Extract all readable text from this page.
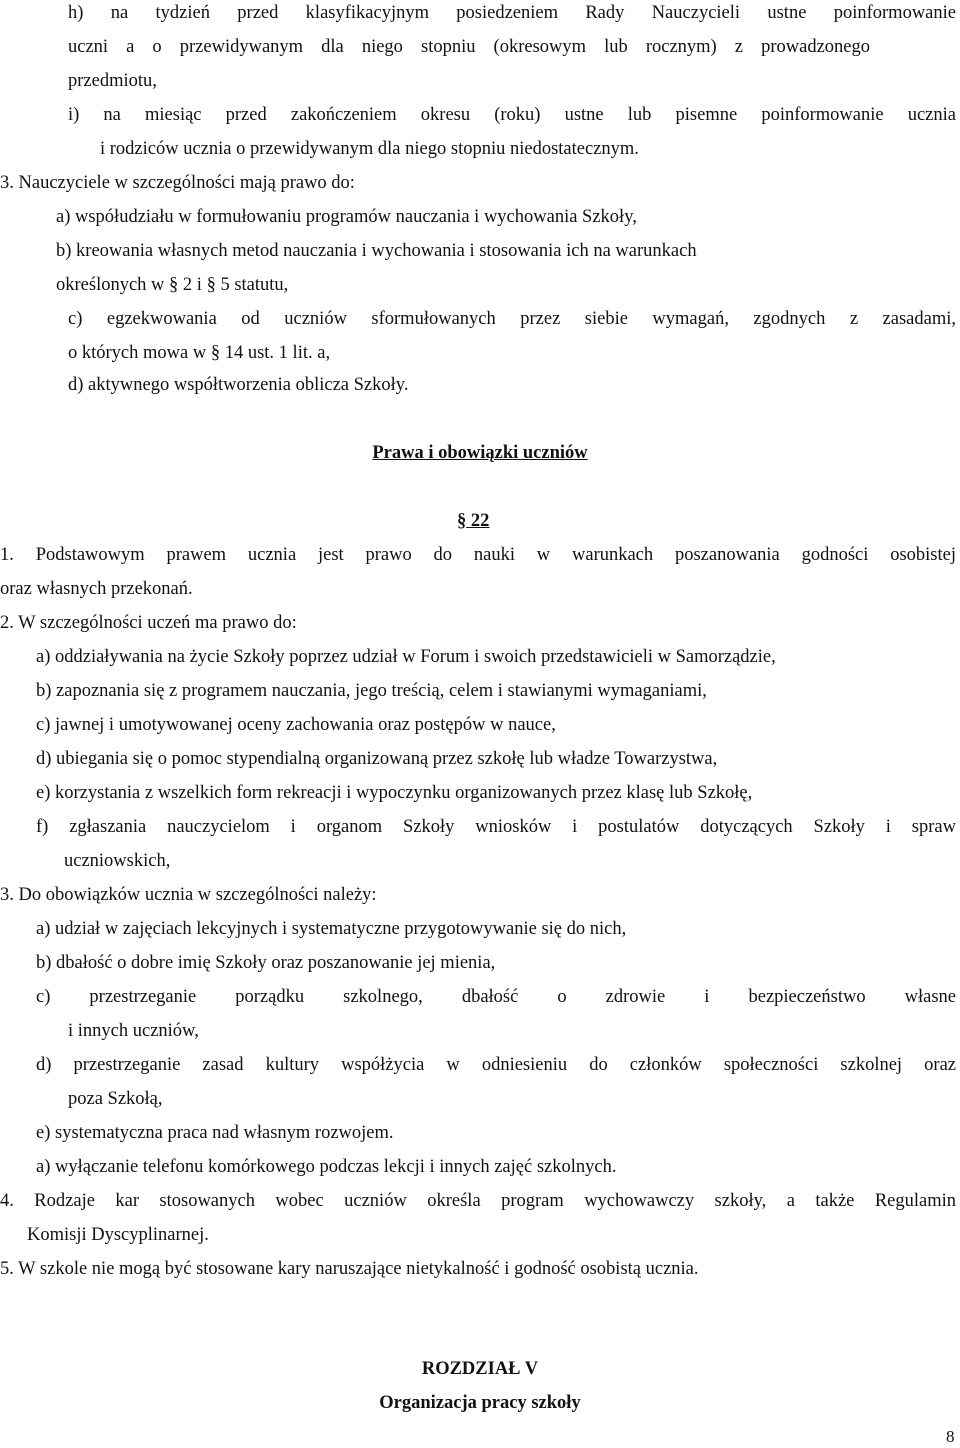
h) na tydzień przed klasyfikacyjnym posiedzeniem Rady Nauczycieli ustne poinformowanie
uczni a o przewidywanym dla niego stopniu (okresowym lub rocznym) z prowadzonego
przedmiotu,
i) na miesiąc przed zakończeniem okresu (roku) ustne lub pisemne poinformowanie ucznia
i rodziców ucznia o przewidywanym dla niego stopniu niedostatecznym.
3. Nauczyciele w szczególności mają prawo do:
a) współudziału w formułowaniu programów nauczania i wychowania Szkoły,
b) kreowania własnych metod nauczania i wychowania i stosowania ich na warunkach
określonych w § 2 i § 5 statutu,
c) egzekwowania od uczniów sformułowanych przez siebie wymagań, zgodnych z zasadami,
o których mowa w § 14 ust. 1 lit. a,
d) aktywnego współtworzenia oblicza Szkoły.
Prawa i obowiązki uczniów
§ 22
1. Podstawowym prawem ucznia jest prawo do nauki w warunkach poszanowania godności osobistej
oraz własnych przekonań.
2. W szczególności uczeń ma prawo do:
a) oddziaływania na życie Szkoły poprzez udział w Forum i swoich przedstawicieli w Samorządzie,
b) zapoznania się z programem nauczania, jego treścią, celem i stawianymi wymaganiami,
c) jawnej i umotywowanej oceny zachowania oraz postępów w nauce,
d) ubiegania się o pomoc stypendialną organizowaną przez szkołę lub władze Towarzystwa,
e) korzystania z wszelkich form rekreacji i wypoczynku organizowanych przez klasę lub Szkołę,
f) zgłaszania nauczycielom i organom Szkoły wniosków i postulatów dotyczących Szkoły i spraw
uczniowskich,
3. Do obowiązków ucznia w szczególności należy:
a) udział w zajęciach lekcyjnych i systematyczne przygotowywanie się do nich,
b) dbałość o dobre imię Szkoły oraz poszanowanie jej mienia,
c) przestrzeganie porządku szkolnego, dbałość o zdrowie i bezpieczeństwo własne
i innych uczniów,
d) przestrzeganie zasad kultury współżycia w odniesieniu do członków społeczności szkolnej oraz
poza Szkołą,
e) systematyczna praca nad własnym rozwojem.
a) wyłączanie telefonu komórkowego podczas lekcji i innych zajęć szkolnych.
4. Rodzaje kar stosowanych wobec uczniów określa program wychowawczy szkoły, a także Regulamin
Komisji Dyscyplinarnej.
5. W szkole nie mogą być stosowane kary naruszające nietykalność i godność osobistą ucznia.
ROZDZIAŁ V
Organizacja pracy szkoły
8
